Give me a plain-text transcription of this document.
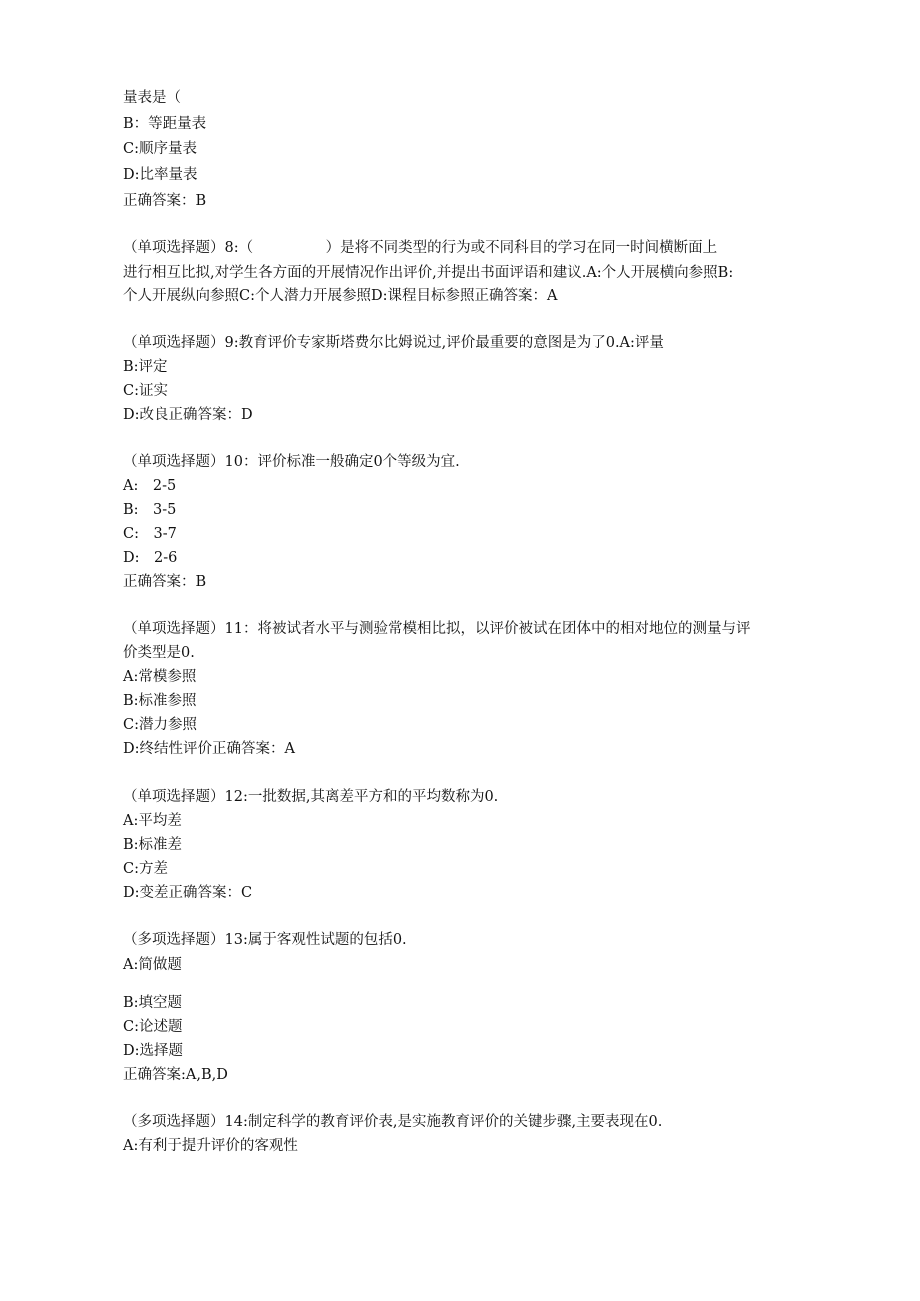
量表是（
B：等距量表
C:顺序量表
D:比率量表
正确答案：B
（单项选择题）8:（　　　　　）是将不同类型的行为或不同科目的学习在同一时间横断面上
进行相互比拟,对学生各方面的开展情况作出评价,并提出书面评语和建议.A:个人开展横向参照B:
个人开展纵向参照C:个人潜力开展参照D:课程目标参照正确答案：A
（单项选择题）9:教育评价专家斯塔费尔比姆说过,评价最重要的意图是为了0.A:评量
B:评定
C:证实
D:改良正确答案：D
（单项选择题）10：评价标准一般确定0个等级为宜.
A:　2-5
B:　3-5
C:　3-7
D:　2-6
正确答案：B
（单项选择题）11：将被试者水平与测验常模相比拟，以评价被试在团体中的相对地位的测量与评
价类型是0.
A:常模参照
B:标准参照
C:潜力参照
D:终结性评价正确答案：A
（单项选择题）12:一批数据,其离差平方和的平均数称为0.
A:平均差
B:标准差
C:方差
D:变差正确答案：C
（多项选择题）13:属于客观性试题的包括0.
A:简做题
B:填空题
C:论述题
D:选择题
正确答案:A,B,D
（多项选择题）14:制定科学的教育评价表,是实施教育评价的关键步骤,主要表现在0.
A:有利于提升评价的客观性
